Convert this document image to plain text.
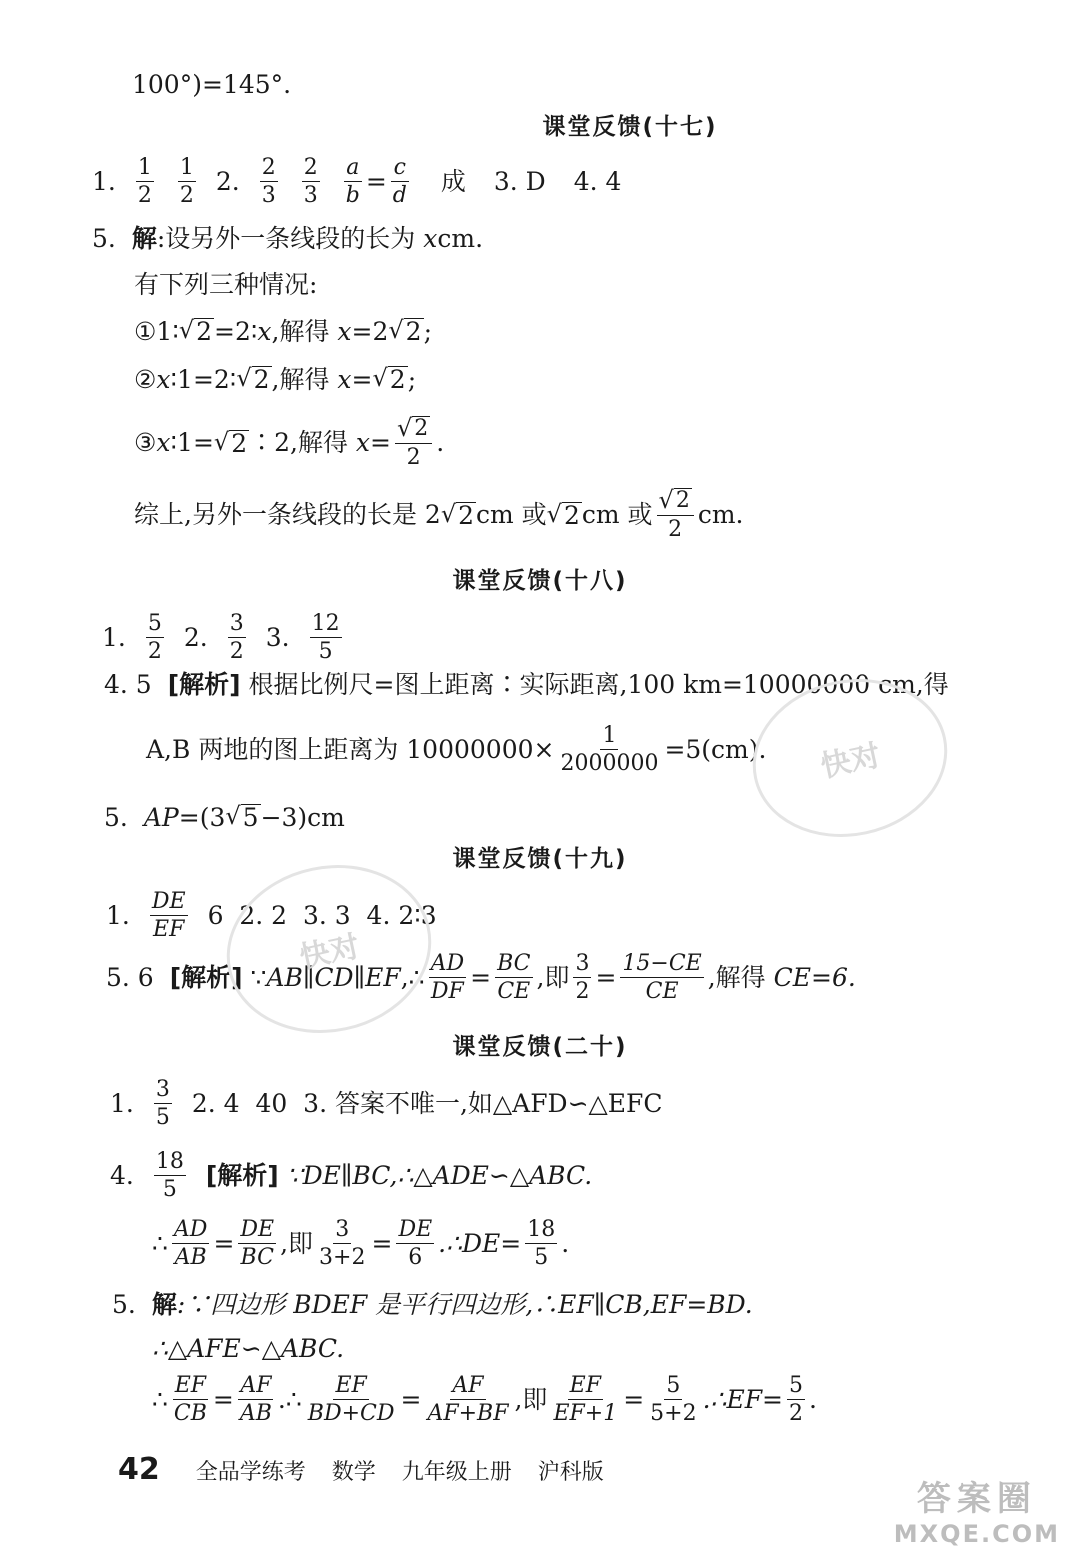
100°)=145°.
课堂反馈(十七)
1. $\frac{1}{2} \frac{1}{2} 2$. $\frac{2}{3} \frac{2}{3} \frac{a}{b} = \frac{c}{d}$ 成 3. D 4. 4
5. 解 :设另外一条线段的长为
x cm.
有下列三种情况:
①1∶ √ 2 =2∶ x ,解得
x =2 √ 2 ;
② x ∶1=2∶ √ 2 ,解得
x = √ 2 ;
③ x ∶1= √ 2 ∶2,解得
$x = \frac{√ 2}{2}$ .
综上,另外一条线段的长是 2 √ 2 cm 或 √ 2 cm 或 $\frac{√ 2}{2}$ cm.
课堂反馈(十八)
1. $\frac{5}{2} 2$. $\frac{3}{2} 3$. $\frac{12}{5}$
4. 5 [解析]
根据比例尺=图上距离∶实际距离,100 km=10000000 cm,得
A,B 两地的图上距离为 $10000000\times \frac{1}{2000000} =5(cm)$.
5. AP =(3 √ 5 −3)cm
课堂反馈(十九)
1. $\frac{DE}{EF} 6$  2. 2  3. 3  4. 2∶3
5. 6 [解析]
∵ AB∥CD∥EF ,∴ $\frac{AD}{DF} = \frac{BC}{CE}$ ,即 $\frac{3}{2} = \frac{15-CE}{CE}$ ,解得
CE=6.
课堂反馈(二十)
1. $\frac{3}{5} 2$. 4  40  3. 答案不唯一,如△AFD∽△EFC
4. $\frac{18}{5}$ [解析]
∵DE∥BC,∴△ADE∽△ABC.
∴ $\frac{AD}{AB} = \frac{DE}{BC}$ ,即 $\frac{3}{3+2} = \frac{DE}{6}$ .∴DE= $\frac{18}{5}$ .
5. 解 :∵四边形 BDEF 是平行四边形,∴EF∥CB,EF=BD.
∴△AFE∽△ABC.
∴ $\frac{EF}{CB} = \frac{AF}{AB}$ .∴ $\frac{EF}{BD+CD} = \frac{AF}{AF+BF}$ ,即 $\frac{EF}{EF+1} = \frac{5}{5+2}$ .∴EF= $\frac{5}{2}$ .
42 全品学练考 数学 九年级上册 沪科版
快对
快对
答案圈
MXQE.COM
